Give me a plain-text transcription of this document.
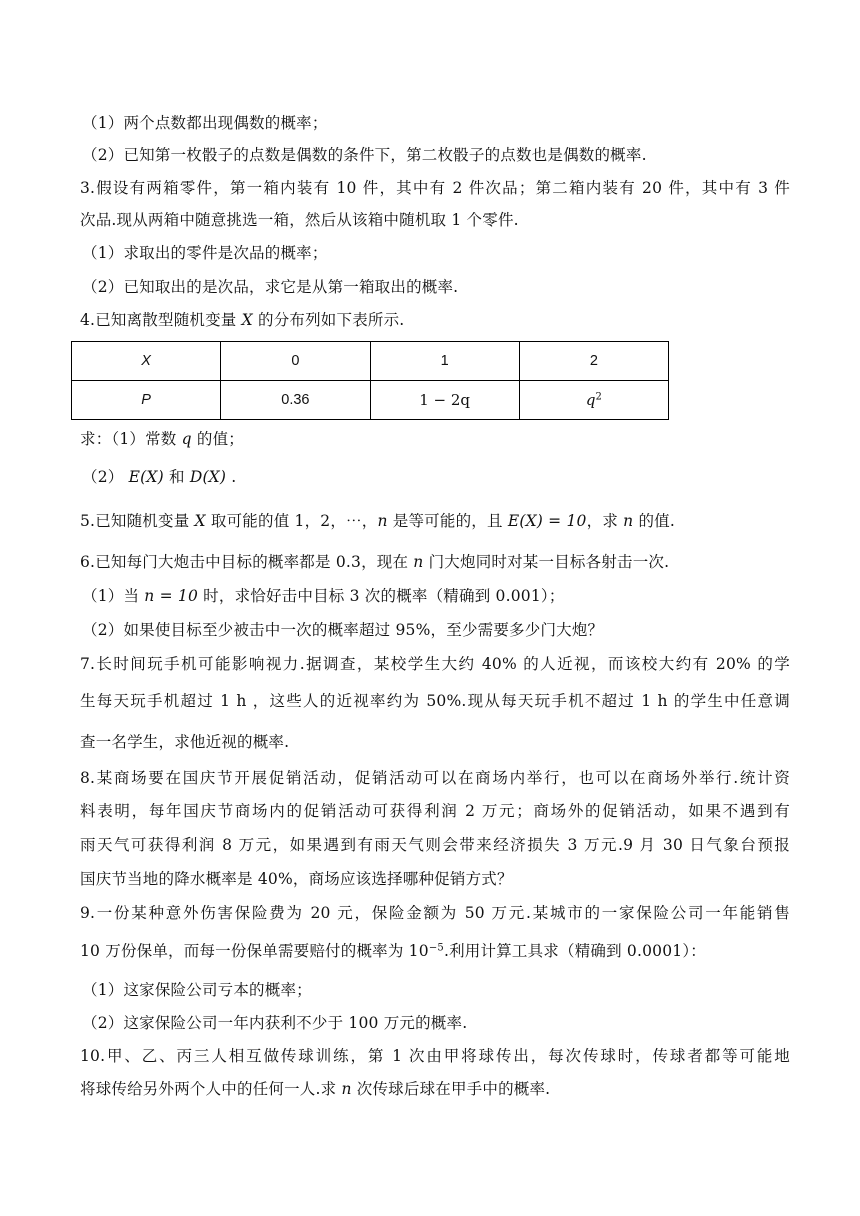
（1）两个点数都出现偶数的概率；
（2）已知第一枚骰子的点数是偶数的条件下，第二枚骰子的点数也是偶数的概率.
3.假设有两箱零件，第一箱内装有 10 件，其中有 2 件次品；第二箱内装有 20 件，其中有 3 件
次品.现从两箱中随意挑选一箱，然后从该箱中随机取 1 个零件.
（1）求取出的零件是次品的概率；
（2）已知取出的是次品，求它是从第一箱取出的概率.
4.已知离散型随机变量 X 的分布列如下表所示.
X	0	1	2
P	0.36	1 − 2q	$q^2$
求：（1）常数 q 的值；
（2） E(X) 和 D(X) .
5.已知随机变量 X 取可能的值 1，2，⋯，n 是等可能的，且 E(X) = 10，求 n 的值.
6.已知每门大炮击中目标的概率都是 0.3，现在 n 门大炮同时对某一目标各射击一次.
（1）当 n = 10 时，求恰好击中目标 3 次的概率（精确到 0.001）；
（2）如果使目标至少被击中一次的概率超过 95%，至少需要多少门大炮？
7.长时间玩手机可能影响视力.据调查，某校学生大约 40% 的人近视，而该校大约有 20% 的学
生每天玩手机超过 1 h ，这些人的近视率约为 50%.现从每天玩手机不超过 1 h 的学生中任意调
查一名学生，求他近视的概率.
8.某商场要在国庆节开展促销活动，促销活动可以在商场内举行，也可以在商场外举行.统计资
料表明，每年国庆节商场内的促销活动可获得利润 2 万元；商场外的促销活动，如果不遇到有
雨天气可获得利润 8 万元，如果遇到有雨天气则会带来经济损失 3 万元.9 月 30 日气象台预报
国庆节当地的降水概率是 40%，商场应该选择哪种促销方式？
9.一份某种意外伤害保险费为 20 元，保险金额为 50 万元.某城市的一家保险公司一年能销售
10 万份保单，而每一份保单需要赔付的概率为 $10^{-5}$.利用计算工具求（精确到 0.0001）：
（1）这家保险公司亏本的概率；
（2）这家保险公司一年内获利不少于 100 万元的概率.
10.甲、乙、丙三人相互做传球训练，第 1 次由甲将球传出，每次传球时，传球者都等可能地
将球传给另外两个人中的任何一人.求 n 次传球后球在甲手中的概率.
